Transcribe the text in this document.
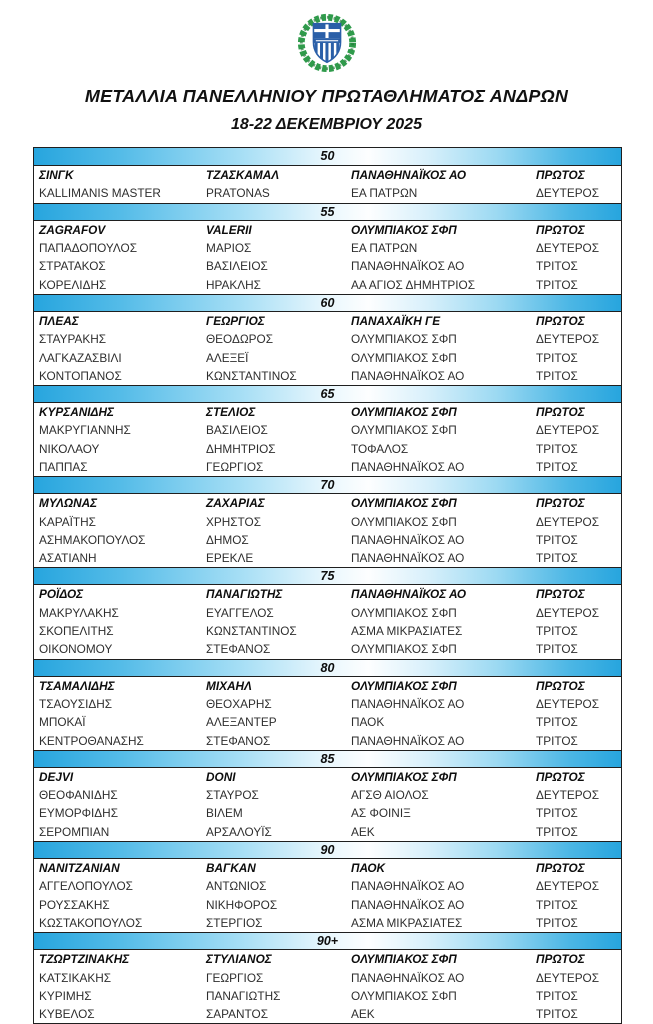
ΜΕΤΑΛΛΙΑ ΠΑΝΕΛΛΗΝΙΟΥ ΠΡΩΤΑΘΛΗΜΑΤΟΣ ΑΝΔΡΩΝ
18-22 ΔΕΚΕΜΒΡΙΟΥ 2025
50
ΣΙΝΓΚ	ΤΖΑΣΚΑΜΑΛ	ΠΑΝΑΘΗΝΑΪΚΟΣ ΑΟ	ΠΡΩΤΟΣ
KALLIMANIS MASTER	PRATONAS	ΕΑ ΠΑΤΡΩΝ	ΔΕΥΤΕΡΟΣ
55
ZAGRAFOV	VALERII	ΟΛΥΜΠΙΑΚΟΣ ΣΦΠ	ΠΡΩΤΟΣ
ΠΑΠΑΔΟΠΟΥΛΟΣ	ΜΑΡΙΟΣ	ΕΑ ΠΑΤΡΩΝ	ΔΕΥΤΕΡΟΣ
ΣΤΡΑΤΑΚΟΣ	ΒΑΣΙΛΕΙΟΣ	ΠΑΝΑΘΗΝΑΪΚΟΣ ΑΟ	ΤΡΙΤΟΣ
ΚΟΡΕΛΙΔΗΣ	ΗΡΑΚΛΗΣ	ΑΑ ΑΓΙΟΣ ΔΗΜΗΤΡΙΟΣ	ΤΡΙΤΟΣ
60
ΠΛΕΑΣ	ΓΕΩΡΓΙΟΣ	ΠΑΝΑΧΑΪΚΗ ΓΕ	ΠΡΩΤΟΣ
ΣΤΑΥΡΑΚΗΣ	ΘΕΟΔΩΡΟΣ	ΟΛΥΜΠΙΑΚΟΣ ΣΦΠ	ΔΕΥΤΕΡΟΣ
ΛΑΓΚΑΖΑΣΒΙΛΙ	ΑΛΕΞΕΪ	ΟΛΥΜΠΙΑΚΟΣ ΣΦΠ	ΤΡΙΤΟΣ
ΚΟΝΤΟΠΑΝΟΣ	ΚΩΝΣΤΑΝΤΙΝΟΣ	ΠΑΝΑΘΗΝΑΪΚΟΣ ΑΟ	ΤΡΙΤΟΣ
65
ΚΥΡΣΑΝΙΔΗΣ	ΣΤΕΛΙΟΣ	ΟΛΥΜΠΙΑΚΟΣ ΣΦΠ	ΠΡΩΤΟΣ
ΜΑΚΡΥΓΙΑΝΝΗΣ	ΒΑΣΙΛΕΙΟΣ	ΟΛΥΜΠΙΑΚΟΣ ΣΦΠ	ΔΕΥΤΕΡΟΣ
ΝΙΚΟΛΑΟΥ	ΔΗΜΗΤΡΙΟΣ	ΤΟΦΑΛΟΣ	ΤΡΙΤΟΣ
ΠΑΠΠΑΣ	ΓΕΩΡΓΙΟΣ	ΠΑΝΑΘΗΝΑΪΚΟΣ ΑΟ	ΤΡΙΤΟΣ
70
ΜΥΛΩΝΑΣ	ΖΑΧΑΡΙΑΣ	ΟΛΥΜΠΙΑΚΟΣ ΣΦΠ	ΠΡΩΤΟΣ
ΚΑΡΑΪΤΗΣ	ΧΡΗΣΤΟΣ	ΟΛΥΜΠΙΑΚΟΣ ΣΦΠ	ΔΕΥΤΕΡΟΣ
ΑΣΗΜΑΚΟΠΟΥΛΟΣ	ΔΗΜΟΣ	ΠΑΝΑΘΗΝΑΪΚΟΣ ΑΟ	ΤΡΙΤΟΣ
ΑΣΑΤΙΑΝΗ	ΕΡΕΚΛΕ	ΠΑΝΑΘΗΝΑΪΚΟΣ ΑΟ	ΤΡΙΤΟΣ
75
ΡΟΪΔΟΣ	ΠΑΝΑΓΙΩΤΗΣ	ΠΑΝΑΘΗΝΑΪΚΟΣ ΑΟ	ΠΡΩΤΟΣ
ΜΑΚΡΥΛΑΚΗΣ	ΕΥΑΓΓΕΛΟΣ	ΟΛΥΜΠΙΑΚΟΣ ΣΦΠ	ΔΕΥΤΕΡΟΣ
ΣΚΟΠΕΛΙΤΗΣ	ΚΩΝΣΤΑΝΤΙΝΟΣ	ΑΣΜΑ ΜΙΚΡΑΣΙΑΤΕΣ	ΤΡΙΤΟΣ
ΟΙΚΟΝΟΜΟΥ	ΣΤΕΦΑΝΟΣ	ΟΛΥΜΠΙΑΚΟΣ ΣΦΠ	ΤΡΙΤΟΣ
80
ΤΣΑΜΑΛΙΔΗΣ	ΜΙΧΑΗΛ	ΟΛΥΜΠΙΑΚΟΣ ΣΦΠ	ΠΡΩΤΟΣ
ΤΣΑΟΥΣΙΔΗΣ	ΘΕΟΧΑΡΗΣ	ΠΑΝΑΘΗΝΑΪΚΟΣ ΑΟ	ΔΕΥΤΕΡΟΣ
ΜΠΟΚΑΪ	ΑΛΕΞΑΝΤΕΡ	ΠΑΟΚ	ΤΡΙΤΟΣ
ΚΕΝΤΡΟΘΑΝΑΣΗΣ	ΣΤΕΦΑΝΟΣ	ΠΑΝΑΘΗΝΑΪΚΟΣ ΑΟ	ΤΡΙΤΟΣ
85
DEJVI	DONI	ΟΛΥΜΠΙΑΚΟΣ ΣΦΠ	ΠΡΩΤΟΣ
ΘΕΟΦΑΝΙΔΗΣ	ΣΤΑΥΡΟΣ	ΑΓΣΘ ΑΙΟΛΟΣ	ΔΕΥΤΕΡΟΣ
ΕΥΜΟΡΦΙΔΗΣ	ΒΙΛΕΜ	ΑΣ ΦΟΙΝΙΞ	ΤΡΙΤΟΣ
ΣΕΡΟΜΠΙΑΝ	ΑΡΣΑΛΟΥΪΣ	ΑΕΚ	ΤΡΙΤΟΣ
90
ΝΑΝΙΤΖΑΝΙΑΝ	ΒΑΓΚΑΝ	ΠΑΟΚ	ΠΡΩΤΟΣ
ΑΓΓΕΛΟΠΟΥΛΟΣ	ΑΝΤΩΝΙΟΣ	ΠΑΝΑΘΗΝΑΪΚΟΣ ΑΟ	ΔΕΥΤΕΡΟΣ
ΡΟΥΣΣΑΚΗΣ	ΝΙΚΗΦΟΡΟΣ	ΠΑΝΑΘΗΝΑΪΚΟΣ ΑΟ	ΤΡΙΤΟΣ
ΚΩΣΤΑΚΟΠΟΥΛΟΣ	ΣΤΕΡΓΙΟΣ	ΑΣΜΑ ΜΙΚΡΑΣΙΑΤΕΣ	ΤΡΙΤΟΣ
90+
ΤΖΩΡΤΖΙΝΑΚΗΣ	ΣΤΥΛΙΑΝΟΣ	ΟΛΥΜΠΙΑΚΟΣ ΣΦΠ	ΠΡΩΤΟΣ
ΚΑΤΣΙΚΑΚΗΣ	ΓΕΩΡΓΙΟΣ	ΠΑΝΑΘΗΝΑΪΚΟΣ ΑΟ	ΔΕΥΤΕΡΟΣ
ΚΥΡΙΜΗΣ	ΠΑΝΑΓΙΩΤΗΣ	ΟΛΥΜΠΙΑΚΟΣ ΣΦΠ	ΤΡΙΤΟΣ
ΚΥΒΕΛΟΣ	ΣΑΡΑΝΤΟΣ	ΑΕΚ	ΤΡΙΤΟΣ
